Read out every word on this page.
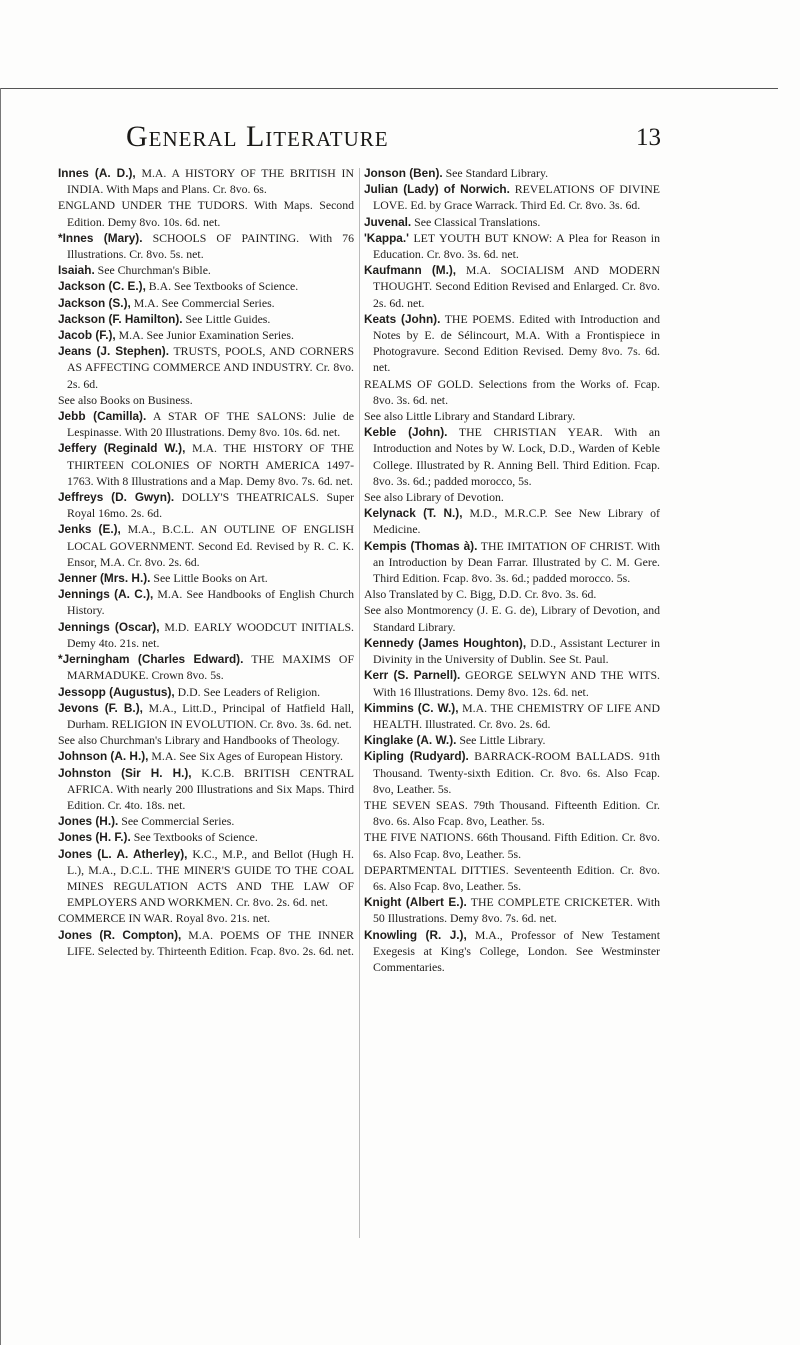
General Literature	13

Innes (A. D.), M.A. A HISTORY OF THE BRITISH IN INDIA. With Maps and Plans. Cr. 8vo. 6s.

ENGLAND UNDER THE TUDORS. With Maps. Second Edition. Demy 8vo. 10s. 6d. net.

*Innes (Mary). SCHOOLS OF PAINTING. With 76 Illustrations. Cr. 8vo. 5s. net.

Isaiah. See Churchman's Bible.

Jackson (C. E.), B.A. See Textbooks of Science.

Jackson (S.), M.A. See Commercial Series.

Jackson (F. Hamilton). See Little Guides.

Jacob (F.), M.A. See Junior Examination Series.

Jeans (J. Stephen). TRUSTS, POOLS, AND CORNERS AS AFFECTING COMMERCE AND INDUSTRY. Cr. 8vo. 2s. 6d.

See also Books on Business.

Jebb (Camilla). A STAR OF THE SALONS: Julie de Lespinasse. With 20 Illustrations. Demy 8vo. 10s. 6d. net.

Jeffery (Reginald W.), M.A. THE HISTORY OF THE THIRTEEN COLONIES OF NORTH AMERICA 1497-1763. With 8 Illustrations and a Map. Demy 8vo. 7s. 6d. net.

Jeffreys (D. Gwyn). DOLLY'S THEATRICALS. Super Royal 16mo. 2s. 6d.

Jenks (E.), M.A., B.C.L. AN OUTLINE OF ENGLISH LOCAL GOVERNMENT. Second Ed. Revised by R. C. K. Ensor, M.A. Cr. 8vo. 2s. 6d.

Jenner (Mrs. H.). See Little Books on Art.

Jennings (A. C.), M.A. See Handbooks of English Church History.

Jennings (Oscar), M.D. EARLY WOODCUT INITIALS. Demy 4to. 21s. net.

*Jerningham (Charles Edward). THE MAXIMS OF MARMADUKE. Crown 8vo. 5s.

Jessopp (Augustus), D.D. See Leaders of Religion.

Jevons (F. B.), M.A., Litt.D., Principal of Hatfield Hall, Durham. RELIGION IN EVOLUTION. Cr. 8vo. 3s. 6d. net.

See also Churchman's Library and Handbooks of Theology.

Johnson (A. H.), M.A. See Six Ages of European History.

Johnston (Sir H. H.), K.C.B. BRITISH CENTRAL AFRICA. With nearly 200 Illustrations and Six Maps. Third Edition. Cr. 4to. 18s. net.

Jones (H.). See Commercial Series.

Jones (H. F.). See Textbooks of Science.

Jones (L. A. Atherley), K.C., M.P., and Bellot (Hugh H. L.), M.A., D.C.L. THE MINER'S GUIDE TO THE COAL MINES REGULATION ACTS AND THE LAW OF EMPLOYERS AND WORKMEN. Cr. 8vo. 2s. 6d. net.

COMMERCE IN WAR. Royal 8vo. 21s. net.

Jones (R. Compton), M.A. POEMS OF THE INNER LIFE. Selected by. Thirteenth Edition. Fcap. 8vo. 2s. 6d. net.

Jonson (Ben). See Standard Library.

Julian (Lady) of Norwich. REVELATIONS OF DIVINE LOVE. Ed. by Grace Warrack. Third Ed. Cr. 8vo. 3s. 6d.

Juvenal. See Classical Translations.

'Kappa.' LET YOUTH BUT KNOW: A Plea for Reason in Education. Cr. 8vo. 3s. 6d. net.

Kaufmann (M.), M.A. SOCIALISM AND MODERN THOUGHT. Second Edition Revised and Enlarged. Cr. 8vo. 2s. 6d. net.

Keats (John). THE POEMS. Edited with Introduction and Notes by E. de Sélincourt, M.A. With a Frontispiece in Photogravure. Second Edition Revised. Demy 8vo. 7s. 6d. net.

REALMS OF GOLD. Selections from the Works of. Fcap. 8vo. 3s. 6d. net.

See also Little Library and Standard Library.

Keble (John). THE CHRISTIAN YEAR. With an Introduction and Notes by W. Lock, D.D., Warden of Keble College. Illustrated by R. Anning Bell. Third Edition. Fcap. 8vo. 3s. 6d.; padded morocco, 5s.

See also Library of Devotion.

Kelynack (T. N.), M.D., M.R.C.P. See New Library of Medicine.

Kempis (Thomas à). THE IMITATION OF CHRIST. With an Introduction by Dean Farrar. Illustrated by C. M. Gere. Third Edition. Fcap. 8vo. 3s. 6d.; padded morocco. 5s.

Also Translated by C. Bigg, D.D. Cr. 8vo. 3s. 6d.

See also Montmorency (J. E. G. de), Library of Devotion, and Standard Library.

Kennedy (James Houghton), D.D., Assistant Lecturer in Divinity in the University of Dublin. See St. Paul.

Kerr (S. Parnell). GEORGE SELWYN AND THE WITS. With 16 Illustrations. Demy 8vo. 12s. 6d. net.

Kimmins (C. W.), M.A. THE CHEMISTRY OF LIFE AND HEALTH. Illustrated. Cr. 8vo. 2s. 6d.

Kinglake (A. W.). See Little Library.

Kipling (Rudyard). BARRACK-ROOM BALLADS. 91th Thousand. Twenty-sixth Edition. Cr. 8vo. 6s. Also Fcap. 8vo, Leather. 5s.

THE SEVEN SEAS. 79th Thousand. Fifteenth Edition. Cr. 8vo. 6s. Also Fcap. 8vo, Leather. 5s.

THE FIVE NATIONS. 66th Thousand. Fifth Edition. Cr. 8vo. 6s. Also Fcap. 8vo, Leather. 5s.

DEPARTMENTAL DITTIES. Seventeenth Edition. Cr. 8vo. 6s. Also Fcap. 8vo, Leather. 5s.

Knight (Albert E.). THE COMPLETE CRICKETER. With 50 Illustrations. Demy 8vo. 7s. 6d. net.

Knowling (R. J.), M.A., Professor of New Testament Exegesis at King's College, London. See Westminster Commentaries.
